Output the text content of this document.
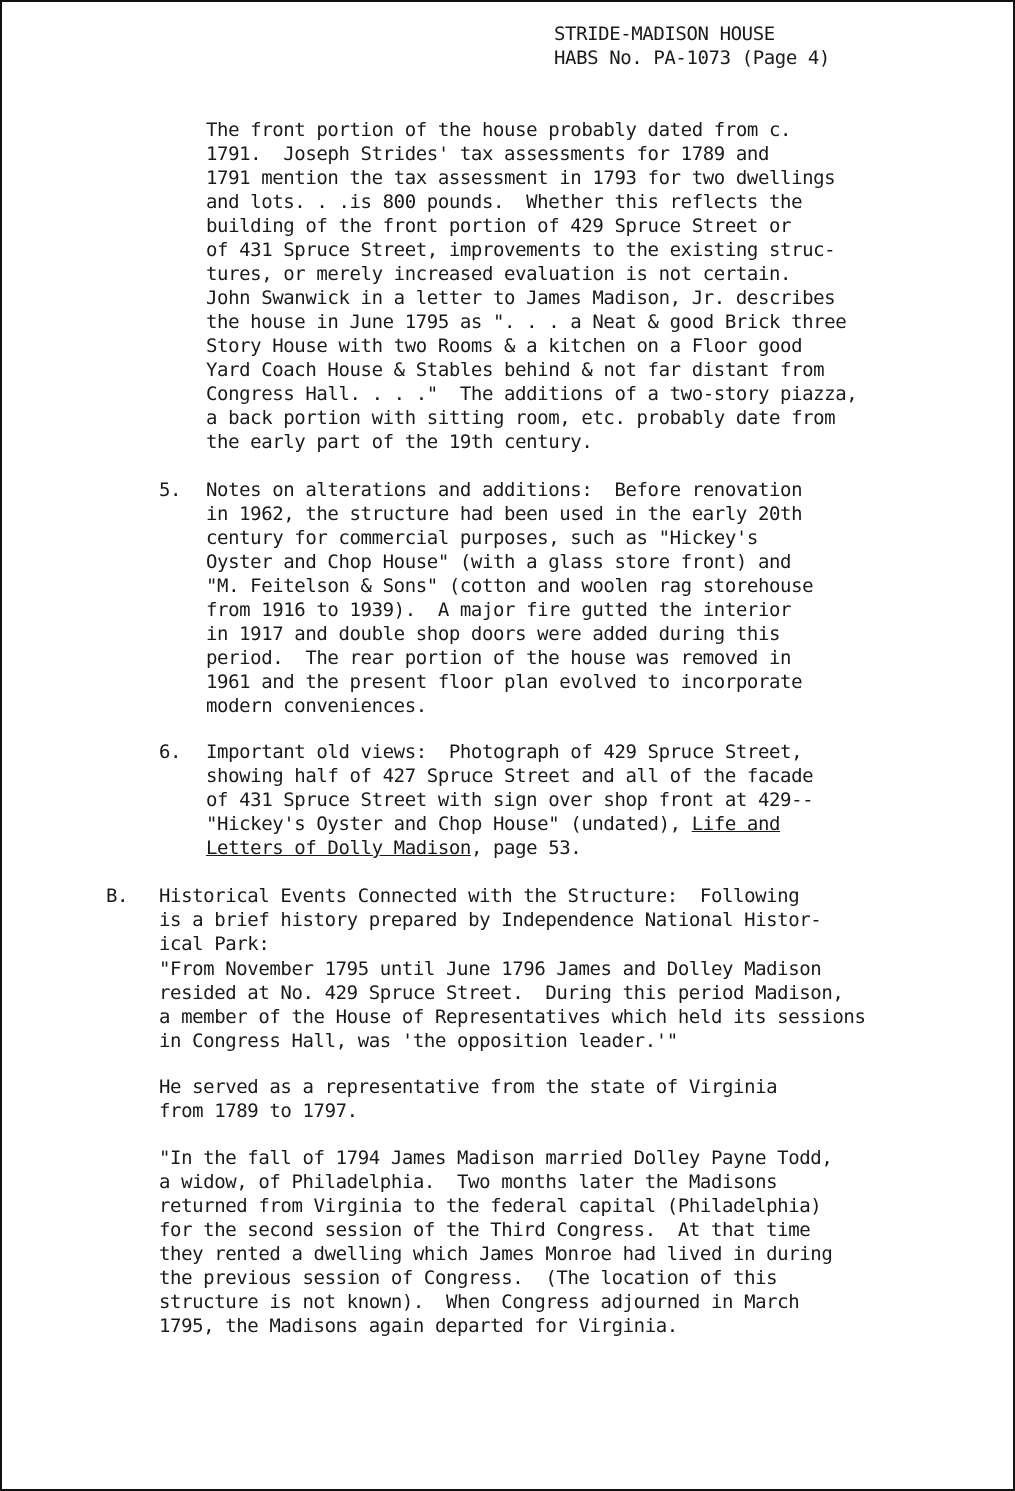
STRIDE-MADISON HOUSE
HABS No. PA-1073 (Page 4)
The front portion of the house probably dated from c.
1791.  Joseph Strides' tax assessments for 1789 and
1791 mention the tax assessment in 1793 for two dwellings
and lots. . .is 800 pounds.  Whether this reflects the
building of the front portion of 429 Spruce Street or
of 431 Spruce Street, improvements to the existing struc-
tures, or merely increased evaluation is not certain.
John Swanwick in a letter to James Madison, Jr. describes
the house in June 1795 as ". . . a Neat & good Brick three
Story House with two Rooms & a kitchen on a Floor good
Yard Coach House & Stables behind & not far distant from
Congress Hall. . . ."  The additions of a two-story piazza,
a back portion with sitting room, etc. probably date from
the early part of the 19th century.
5. Notes on alterations and additions:  Before renovation
in 1962, the structure had been used in the early 20th
century for commercial purposes, such as "Hickey's
Oyster and Chop House" (with a glass store front) and
"M. Feitelson & Sons" (cotton and woolen rag storehouse
from 1916 to 1939).  A major fire gutted the interior
in 1917 and double shop doors were added during this
period.  The rear portion of the house was removed in
1961 and the present floor plan evolved to incorporate
modern conveniences.
6. Important old views:  Photograph of 429 Spruce Street,
showing half of 427 Spruce Street and all of the facade
of 431 Spruce Street with sign over shop front at 429--
"Hickey's Oyster and Chop House" (undated), Life and
Letters of Dolly Madison, page 53.
B. Historical Events Connected with the Structure:  Following
is a brief history prepared by Independence National Histor-
ical Park:
"From November 1795 until June 1796 James and Dolley Madison
resided at No. 429 Spruce Street.  During this period Madison,
a member of the House of Representatives which held its sessions
in Congress Hall, was 'the opposition leader.'"
He served as a representative from the state of Virginia
from 1789 to 1797.
"In the fall of 1794 James Madison married Dolley Payne Todd,
a widow, of Philadelphia.  Two months later the Madisons
returned from Virginia to the federal capital (Philadelphia)
for the second session of the Third Congress.  At that time
they rented a dwelling which James Monroe had lived in during
the previous session of Congress.  (The location of this
structure is not known).  When Congress adjourned in March
1795, the Madisons again departed for Virginia.
